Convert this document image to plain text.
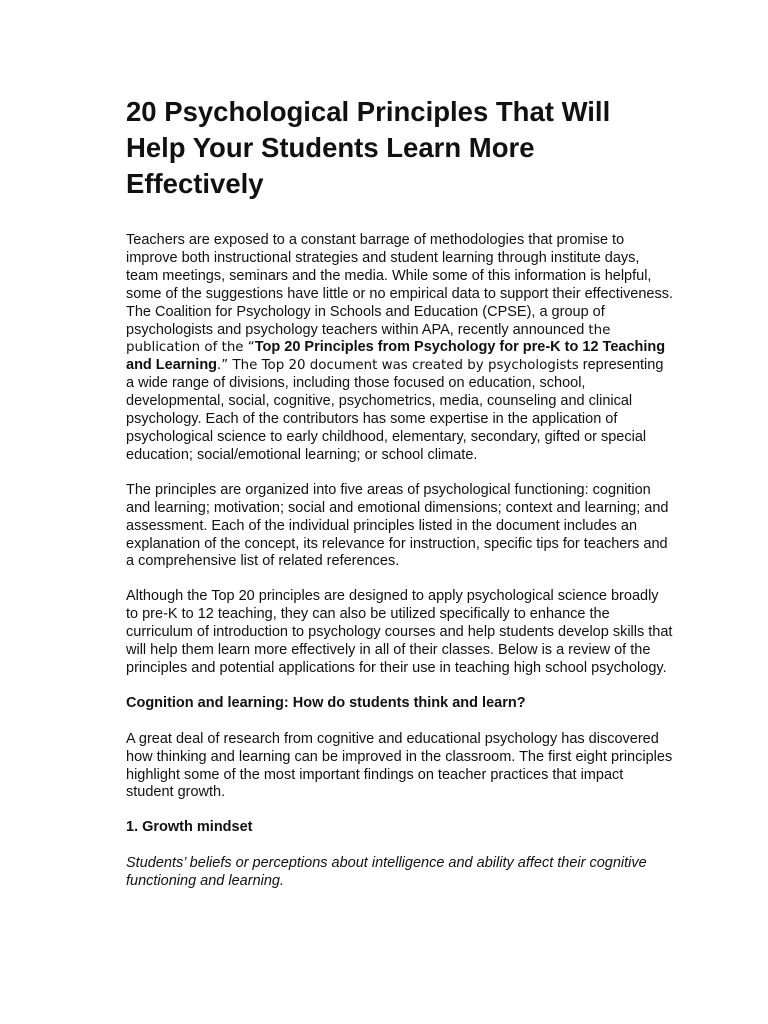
20 Psychological Principles That Will Help Your Students Learn More Effectively

Teachers are exposed to a constant barrage of methodologies that promise to improve both instructional strategies and student learning through institute days, team meetings, seminars and the media. While some of this information is helpful, some of the suggestions have little or no empirical data to support their effectiveness. The Coalition for Psychology in Schools and Education (CPSE), a group of psychologists and psychology teachers within APA, recently announced the publication of the “Top 20 Principles from Psychology for pre-K to 12 Teaching and Learning.” The Top 20 document was created by psychologists representing a wide range of divisions, including those focused on education, school, developmental, social, cognitive, psychometrics, media, counseling and clinical psychology. Each of the contributors has some expertise in the application of psychological science to early childhood, elementary, secondary, gifted or special education; social/emotional learning; or school climate.

The principles are organized into five areas of psychological functioning: cognition and learning; motivation; social and emotional dimensions; context and learning; and assessment. Each of the individual principles listed in the document includes an explanation of the concept, its relevance for instruction, specific tips for teachers and a comprehensive list of related references.

Although the Top 20 principles are designed to apply psychological science broadly to pre-K to 12 teaching, they can also be utilized specifically to enhance the curriculum of introduction to psychology courses and help students develop skills that will help them learn more effectively in all of their classes. Below is a review of the principles and potential applications for their use in teaching high school psychology.

Cognition and learning: How do students think and learn?

A great deal of research from cognitive and educational psychology has discovered how thinking and learning can be improved in the classroom. The first eight principles highlight some of the most important findings on teacher practices that impact student growth.

1. Growth mindset

Students’ beliefs or perceptions about intelligence and ability affect their cognitive functioning and learning.
